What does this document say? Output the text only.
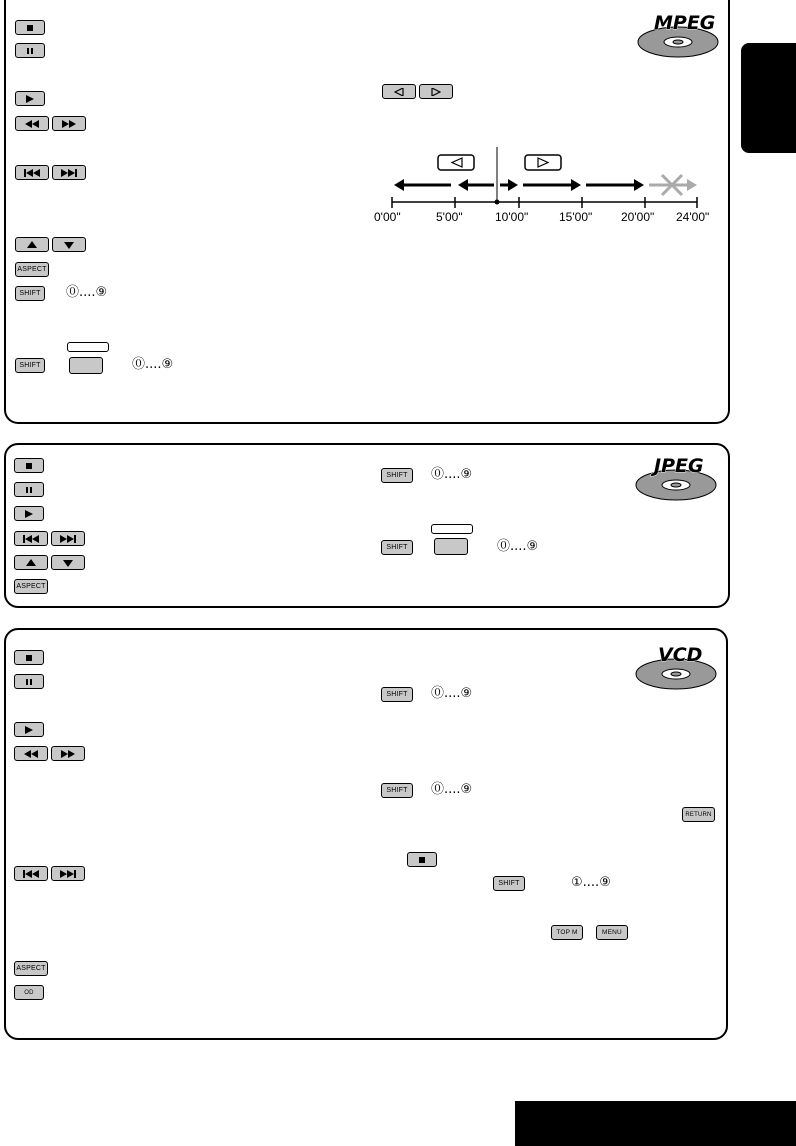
ASPECT
SHIFT	⓪....⑨
SHIFT	⓪....⑨
0'00"	5'00"	10'00"	15'00" 20'00" 24'00"
MPEG
ASPECT
SHIFT	⓪....⑨
SHIFT	⓪....⑨
JPEG
ASPECT
OD
SHIFT	⓪....⑨
SHIFT	⓪....⑨
RETURN
SHIFT	①....⑨
TOP M	MENU
VCD
